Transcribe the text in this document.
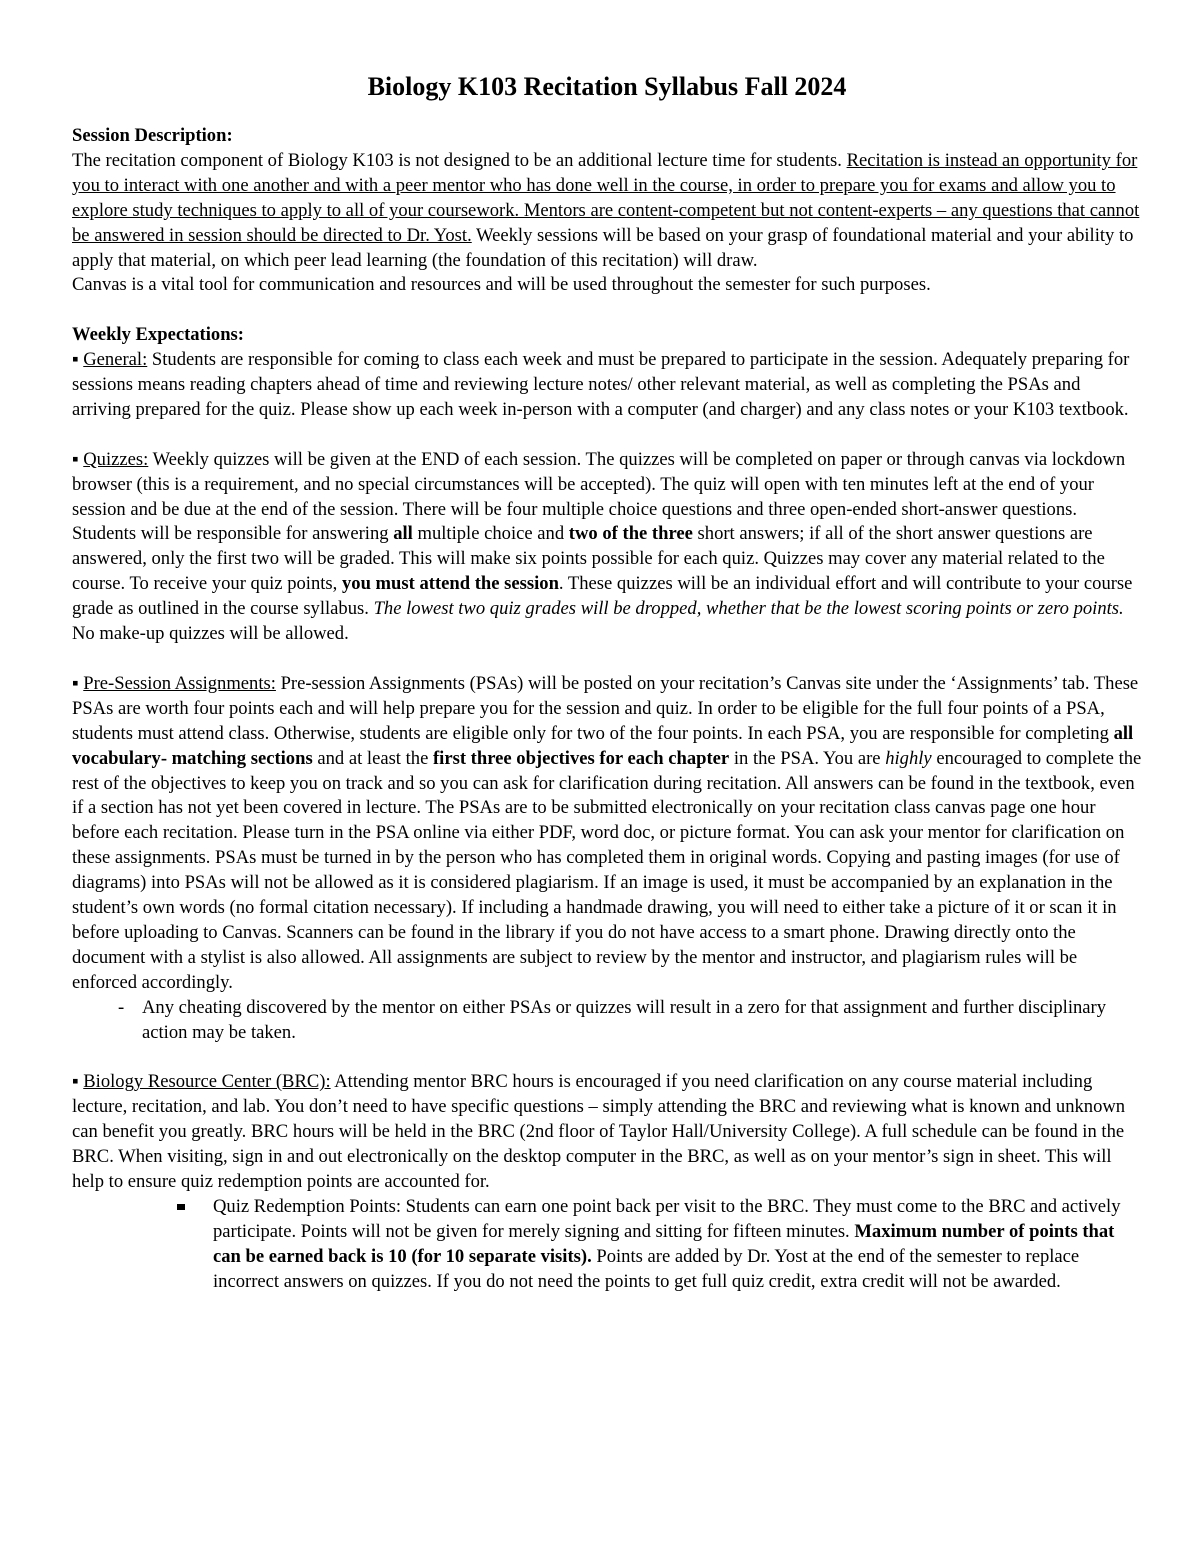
Biology K103 Recitation Syllabus Fall 2024

Session Description:

The recitation component of Biology K103 is not designed to be an additional lecture time for students. Recitation is instead an opportunity for you to interact with one another and with a peer mentor who has done well in the course, in order to prepare you for exams and allow you to explore study techniques to apply to all of your coursework. Mentors are content-competent but not content-experts – any questions that cannot be answered in session should be directed to Dr. Yost. Weekly sessions will be based on your grasp of foundational material and your ability to apply that material, on which peer lead learning (the foundation of this recitation) will draw.

Canvas is a vital tool for communication and resources and will be used throughout the semester for such purposes.

Weekly Expectations:

▪ General: Students are responsible for coming to class each week and must be prepared to participate in the session. Adequately preparing for sessions means reading chapters ahead of time and reviewing lecture notes/ other relevant material, as well as completing the PSAs and arriving prepared for the quiz. Please show up each week in-person with a computer (and charger) and any class notes or your K103 textbook.

▪ Quizzes: Weekly quizzes will be given at the END of each session. The quizzes will be completed on paper or through canvas via lockdown browser (this is a requirement, and no special circumstances will be accepted). The quiz will open with ten minutes left at the end of your session and be due at the end of the session. There will be four multiple choice questions and three open-ended short-answer questions. Students will be responsible for answering all multiple choice and two of the three short answers; if all of the short answer questions are answered, only the first two will be graded. This will make six points possible for each quiz. Quizzes may cover any material related to the course. To receive your quiz points, you must attend the session. These quizzes will be an individual effort and will contribute to your course grade as outlined in the course syllabus. The lowest two quiz grades will be dropped, whether that be the lowest scoring points or zero points. No make-up quizzes will be allowed.

▪ Pre-Session Assignments: Pre-session Assignments (PSAs) will be posted on your recitation’s Canvas site under the ‘Assignments’ tab. These PSAs are worth four points each and will help prepare you for the session and quiz. In order to be eligible for the full four points of a PSA, students must attend class. Otherwise, students are eligible only for two of the four points. In each PSA, you are responsible for completing all vocabulary- matching sections and at least the first three objectives for each chapter in the PSA. You are highly encouraged to complete the rest of the objectives to keep you on track and so you can ask for clarification during recitation. All answers can be found in the textbook, even if a section has not yet been covered in lecture. The PSAs are to be submitted electronically on your recitation class canvas page one hour before each recitation. Please turn in the PSA online via either PDF, word doc, or picture format. You can ask your mentor for clarification on these assignments. PSAs must be turned in by the person who has completed them in original words. Copying and pasting images (for use of diagrams) into PSAs will not be allowed as it is considered plagiarism. If an image is used, it must be accompanied by an explanation in the student’s own words (no formal citation necessary). If including a handmade drawing, you will need to either take a picture of it or scan it in before uploading to Canvas. Scanners can be found in the library if you do not have access to a smart phone. Drawing directly onto the document with a stylist is also allowed. All assignments are subject to review by the mentor and instructor, and plagiarism rules will be enforced accordingly.

- Any cheating discovered by the mentor on either PSAs or quizzes will result in a zero for that assignment and further disciplinary action may be taken.

▪ Biology Resource Center (BRC): Attending mentor BRC hours is encouraged if you need clarification on any course material including lecture, recitation, and lab. You don’t need to have specific questions – simply attending the BRC and reviewing what is known and unknown can benefit you greatly. BRC hours will be held in the BRC (2nd floor of Taylor Hall/University College). A full schedule can be found in the BRC. When visiting, sign in and out electronically on the desktop computer in the BRC, as well as on your mentor’s sign in sheet. This will help to ensure quiz redemption points are accounted for.

Quiz Redemption Points: Students can earn one point back per visit to the BRC. They must come to the BRC and actively participate. Points will not be given for merely signing and sitting for fifteen minutes. Maximum number of points that can be earned back is 10 (for 10 separate visits). Points are added by Dr. Yost at the end of the semester to replace incorrect answers on quizzes. If you do not need the points to get full quiz credit, extra credit will not be awarded.
